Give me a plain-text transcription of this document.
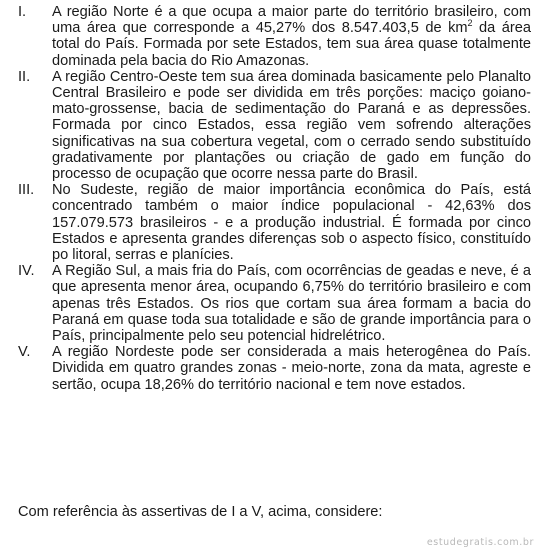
I.	A região Norte é a que ocupa a maior parte do território brasileiro, com uma área que corresponde a 45,27% dos 8.547.403,5 de $km^2$ da área total do País. Formada por sete Estados, tem sua área quase totalmente dominada pela bacia do Rio Amazonas.
II.	A região Centro-Oeste tem sua área dominada basicamente pelo Planalto Central Brasileiro e pode ser dividida em três porções: maciço goiano-mato-grossense, bacia de sedimentação do Paraná e as depressões. Formada por cinco Estados, essa região vem sofrendo alterações significativas na sua cobertura vegetal, com o cerrado sendo substituído gradativamente por plantações ou criação de gado em função do processo de ocupação que ocorre nessa parte do Brasil.
III.	No Sudeste, região de maior importância econômica do País, está concentrado também o maior índice populacional - 42,63% dos 157.079.573 brasileiros - e a produção industrial. É formada por cinco Estados e apresenta grandes diferenças sob o aspecto físico, constituído po litoral, serras e planícies.
IV.	A Região Sul, a mais fria do País, com ocorrências de geadas e neve, é a que apresenta menor área, ocupando 6,75% do território brasileiro e com apenas três Estados. Os rios que cortam sua área formam a bacia do Paraná em quase toda sua totalidade e são de grande importância para o País, principalmente pelo seu potencial hidrelétrico.
V.	A região Nordeste pode ser considerada a mais heterogênea do País. Dividida em quatro grandes zonas - meio-norte, zona da mata, agreste e sertão, ocupa 18,26% do território nacional e tem nove estados.
Com referência às assertivas de I a V, acima, considere:
estudegratis.com.br
